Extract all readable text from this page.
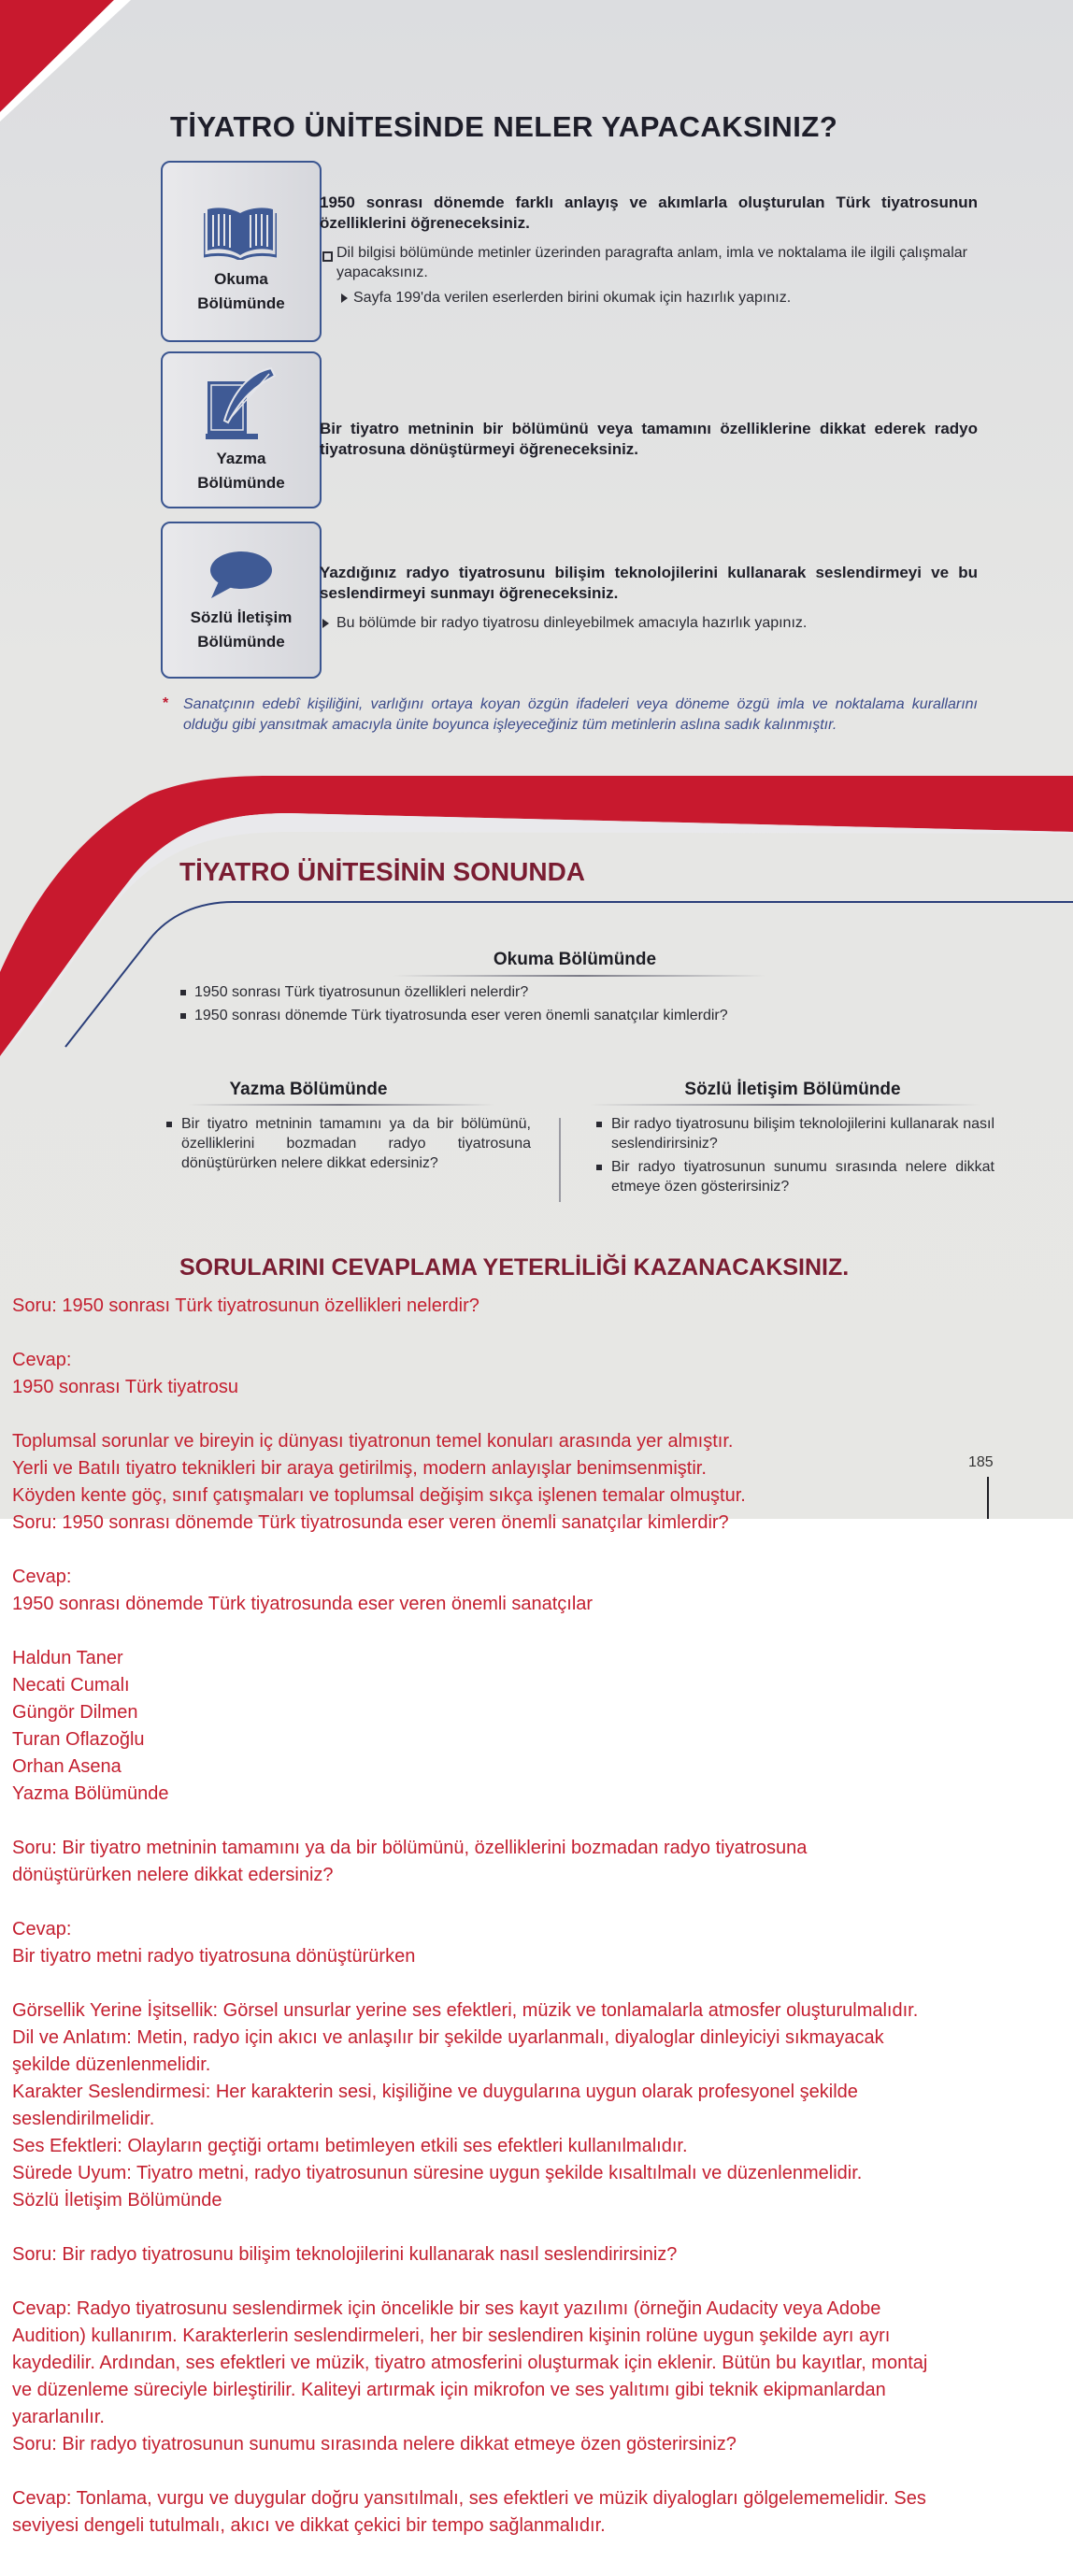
TİYATRO ÜNİTESİNDE NELER YAPACAKSINIZ?
Okuma
Bölümünde
1950 sonrası dönemde farklı anlayış ve akımlarla oluşturulan Türk tiyatrosunun özelliklerini öğreneceksiniz.
Dil bilgisi bölümünde metinler üzerinden paragrafta anlam, imla ve noktalama ile ilgili çalışmalar yapacaksınız.
Sayfa 199'da verilen eserlerden birini okumak için hazırlık yapınız.
Yazma
Bölümünde
Bir tiyatro metninin bir bölümünü veya tamamını özelliklerine dikkat ederek radyo tiyatrosuna dönüştürmeyi öğreneceksiniz.
Sözlü İletişim
Bölümünde
Yazdığınız radyo tiyatrosunu bilişim teknolojilerini kullanarak seslendirmeyi ve bu seslendirmeyi sunmayı öğreneceksiniz.
Bu bölümde bir radyo tiyatrosu dinleyebilmek amacıyla hazırlık yapınız.
* Sanatçının edebî kişiliğini, varlığını ortaya koyan özgün ifadeleri veya döneme özgü imla ve noktalama kurallarını olduğu gibi yansıtmak amacıyla ünite boyunca işleyeceğiniz tüm metinlerin aslına sadık kalınmıştır.
TİYATRO ÜNİTESİNİN SONUNDA
Okuma Bölümünde
1950 sonrası Türk tiyatrosunun özellikleri nelerdir?
1950 sonrası dönemde Türk tiyatrosunda eser veren önemli sanatçılar kimlerdir?
Yazma Bölümünde
Bir tiyatro metninin tamamını ya da bir bölümünü, özelliklerini bozmadan radyo tiyatrosuna dönüştürürken nelere dikkat edersiniz?
Sözlü İletişim Bölümünde
Bir radyo tiyatrosunu bilişim teknolojilerini kullanarak nasıl seslendirirsiniz?
Bir radyo tiyatrosunun sunumu sırasında nelere dikkat etmeye özen gösterirsiniz?
SORULARINI CEVAPLAMA YETERLİLİĞİ KAZANACAKSINIZ.
185
Soru: 1950 sonrası Türk tiyatrosunun özellikleri nelerdir?
Cevap:
1950 sonrası Türk tiyatrosu
Toplumsal sorunlar ve bireyin iç dünyası tiyatronun temel konuları arasında yer almıştır.
Yerli ve Batılı tiyatro teknikleri bir araya getirilmiş, modern anlayışlar benimsenmiştir.
Köyden kente göç, sınıf çatışmaları ve toplumsal değişim sıkça işlenen temalar olmuştur.
Soru: 1950 sonrası dönemde Türk tiyatrosunda eser veren önemli sanatçılar kimlerdir?
Cevap:
1950 sonrası dönemde Türk tiyatrosunda eser veren önemli sanatçılar
Haldun Taner
Necati Cumalı
Güngör Dilmen
Turan Oflazoğlu
Orhan Asena
Yazma Bölümünde
Soru: Bir tiyatro metninin tamamını ya da bir bölümünü, özelliklerini bozmadan radyo tiyatrosuna
dönüştürürken nelere dikkat edersiniz?
Cevap:
Bir tiyatro metni radyo tiyatrosuna dönüştürürken
Görsellik Yerine İşitsellik: Görsel unsurlar yerine ses efektleri, müzik ve tonlamalarla atmosfer oluşturulmalıdır.
Dil ve Anlatım: Metin, radyo için akıcı ve anlaşılır bir şekilde uyarlanmalı, diyaloglar dinleyiciyi sıkmayacak
şekilde düzenlenmelidir.
Karakter Seslendirmesi: Her karakterin sesi, kişiliğine ve duygularına uygun olarak profesyonel şekilde
seslendirilmelidir.
Ses Efektleri: Olayların geçtiği ortamı betimleyen etkili ses efektleri kullanılmalıdır.
Sürede Uyum: Tiyatro metni, radyo tiyatrosunun süresine uygun şekilde kısaltılmalı ve düzenlenmelidir.
Sözlü İletişim Bölümünde
Soru: Bir radyo tiyatrosunu bilişim teknolojilerini kullanarak nasıl seslendirirsiniz?
Cevap: Radyo tiyatrosunu seslendirmek için öncelikle bir ses kayıt yazılımı (örneğin Audacity veya Adobe
Audition) kullanırım. Karakterlerin seslendirmeleri, her bir seslendiren kişinin rolüne uygun şekilde ayrı ayrı
kaydedilir. Ardından, ses efektleri ve müzik, tiyatro atmosferini oluşturmak için eklenir. Bütün bu kayıtlar, montaj
ve düzenleme süreciyle birleştirilir. Kaliteyi artırmak için mikrofon ve ses yalıtımı gibi teknik ekipmanlardan
yararlanılır.
Soru: Bir radyo tiyatrosunun sunumu sırasında nelere dikkat etmeye özen gösterirsiniz?
Cevap: Tonlama, vurgu ve duygular doğru yansıtılmalı, ses efektleri ve müzik diyalogları gölgelememelidir. Ses
seviyesi dengeli tutulmalı, akıcı ve dikkat çekici bir tempo sağlanmalıdır.
